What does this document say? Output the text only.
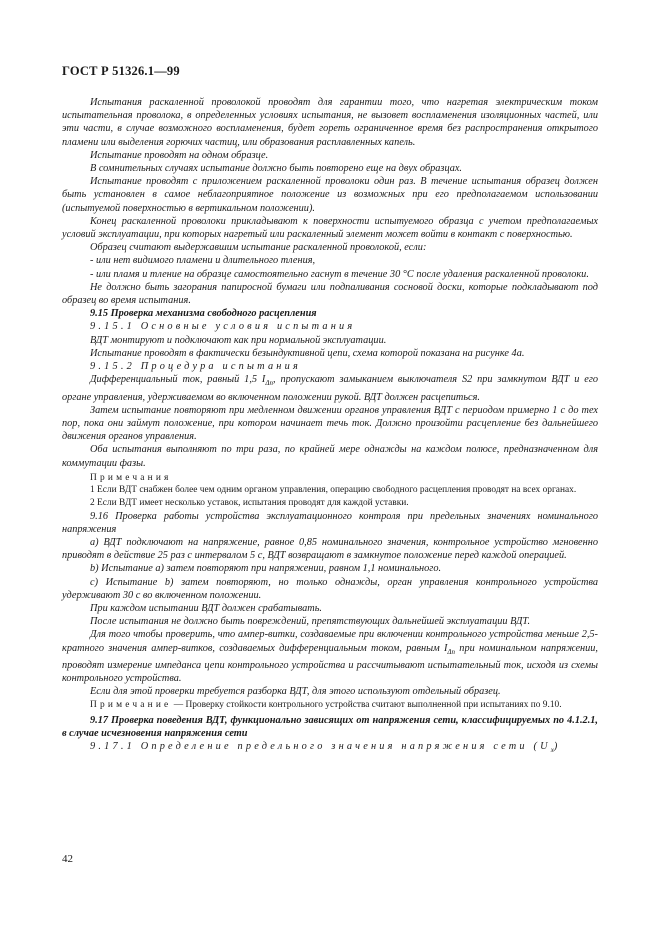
ГОСТ Р 51326.1—99

Испытания раскаленной проволокой проводят для гарантии того, что нагретая электрическим током испытательная проволока, в определенных условиях испытания, не вызовет воспламенения изоляционных частей, или эти части, в случае возможного воспламенения, будет гореть ограниченное время без распространения открытого пламени или выделения горючих частиц, или образования расплавленных капель.

Испытание проводят на одном образце.

В сомнительных случаях испытание должно быть повторено еще на двух образцах.

Испытание проводят с приложением раскаленной проволоки один раз. В течение испытания образец должен быть установлен в самое неблагоприятное положение из возможных при его предполагаемом использовании (испытуемой поверхностью в вертикальном положении).

Конец раскаленной проволоки прикладывают к поверхности испытуемого образца с учетом предполагаемых условий эксплуатации, при которых нагретый или раскаленный элемент может войти в контакт с поверхностью.

Образец считают выдержавшим испытание раскаленной проволокой, если:

- или нет видимого пламени и длительного тления,

- или пламя и тление на образце самостоятельно гаснут в течение 30 °С после удаления раскаленной проволоки.

Не должно быть загорания папиросной бумаги или подпаливания сосновой доски, которые подкладывают под образец во время испытания.

9.15 Проверка механизма свободного расцепления

9.15.1 Основные условия испытания

ВДТ монтируют и подключают как при нормальной эксплуатации.

Испытание проводят в фактически безындуктивной цепи, схема которой показана на рисунке 4а.

9.15.2 Процедура испытания

Дифференциальный ток, равный 1,5 $I_{\Delta n}$, пропускают замыканием выключателя S2 при замкнутом ВДТ и его органе управления, удерживаемом во включенном положении рукой. ВДТ должен расцепиться.

Затем испытание повторяют при медленном движении органов управления ВДТ с периодом примерно 1 с до тех пор, пока они займут положение, при котором начинает течь ток. Должно произойти расцепление без дальнейшего движения органов управления.

Оба испытания выполняют по три раза, по крайней мере однажды на каждом полюсе, предназначенном для коммутации фазы.

Примечания

1 Если ВДТ снабжен более чем одним органом управления, операцию свободного расцепления проводят на всех органах.

2 Если ВДТ имеет несколько уставок, испытания проводят для каждой уставки.

9.16 Проверка работы устройства эксплуатационного контроля при предельных значениях номинального напряжения

а) ВДТ подключают на напряжение, равное 0,85 номинального значения, контрольное устройство мгновенно приводят в действие 25 раз с интервалом 5 с, ВДТ возвращают в замкнутое положение перед каждой операцией.

b) Испытание а) затем повторяют при напряжении, равном 1,1 номинального.

с) Испытание b) затем повторяют, но только однажды, орган управления контрольного устройства удерживают 30 с во включенном положении.

При каждом испытании ВДТ должен срабатывать.

После испытания не должно быть повреждений, препятствующих дальнейшей эксплуатации ВДТ.

Для того чтобы проверить, что ампер-витки, создаваемые при включении контрольного устройства меньше 2,5-кратного значения ампер-витков, создаваемых дифференциальным током, равным $I_{\Delta n}$ при номинальном напряжении, проводят измерение импеданса цепи контрольного устройства и рассчитывают испытательный ток, исходя из схемы контрольного устройства.

Если для этой проверки требуется разборка ВДТ, для этого используют отдельный образец.

Примечание — Проверку стойкости контрольного устройства считают выполненной при испытаниях по 9.10.

9.17 Проверка поведения ВДТ, функционально зависящих от напряжения сети, классифицируемых по 4.1.2.1, в случае исчезновения напряжения сети

9.17.1 Определение предельного значения напряжения сети $(U_x)$

42
